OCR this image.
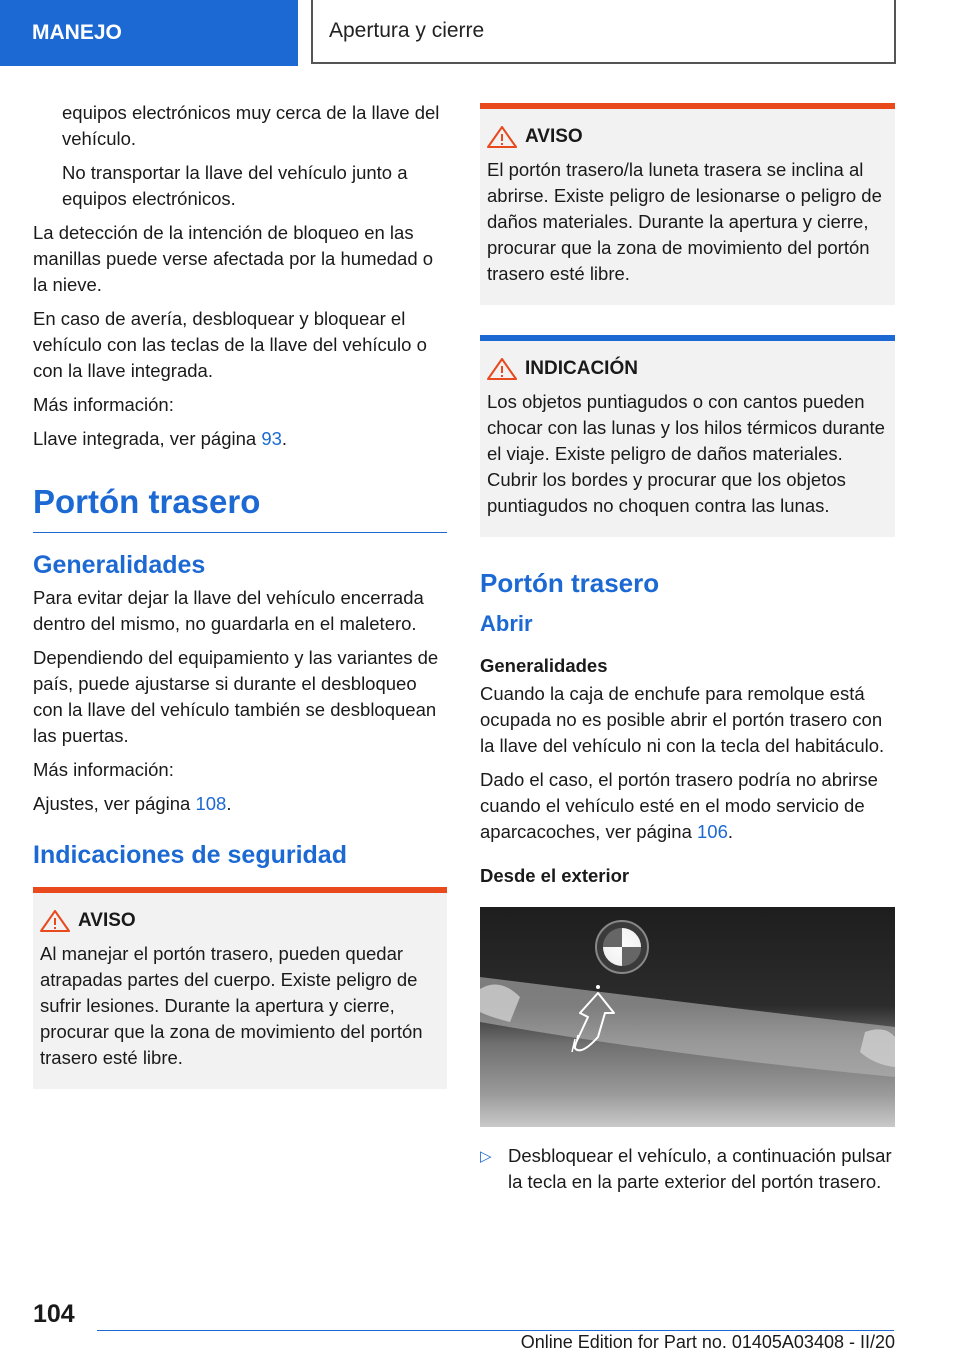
MANEJO	Apertura y cierre

equipos electrónicos muy cerca de la llave del vehículo.

No transportar la llave del vehículo junto a equipos electrónicos.

La detección de la intención de bloqueo en las manillas puede verse afectada por la humedad o la nieve.

En caso de avería, desbloquear y bloquear el vehículo con las teclas de la llave del vehículo o con la llave integrada.

Más información:

Llave integrada, ver página 93.

Portón trasero
Generalidades

Para evitar dejar la llave del vehículo encerrada dentro del mismo, no guardarla en el maletero.

Dependiendo del equipamiento y las variantes de país, puede ajustarse si durante el desbloqueo con la llave del vehículo también se desbloquean las puertas.

Más información:

Ajustes, ver página 108.

Indicaciones de seguridad
AVISO

Al manejar el portón trasero, pueden quedar atrapadas partes del cuerpo. Existe peligro de sufrir lesiones. Durante la apertura y cierre, procurar que la zona de movimiento del portón trasero esté libre.

AVISO

El portón trasero/la luneta trasera se inclina al abrirse. Existe peligro de lesionarse o peligro de daños materiales. Durante la apertura y cierre, procurar que la zona de movimiento del portón trasero esté libre.

INDICACIÓN

Los objetos puntiagudos o con cantos pueden chocar con las lunas y los hilos térmicos durante el viaje. Existe peligro de daños materiales. Cubrir los bordes y procurar que los objetos puntiagudos no choquen contra las lunas.

Portón trasero
Abrir
Generalidades

Cuando la caja de enchufe para remolque está ocupada no es posible abrir el portón trasero con la llave del vehículo ni con la tecla del habitáculo.

Dado el caso, el portón trasero podría no abrirse cuando el vehículo esté en el modo servicio de aparcacoches, ver página 106.

Desde el exterior
▷ Desbloquear el vehículo, a continuación pulsar la tecla en la parte exterior del portón trasero.
104
Online Edition for Part no. 01405A03408 - II/20
